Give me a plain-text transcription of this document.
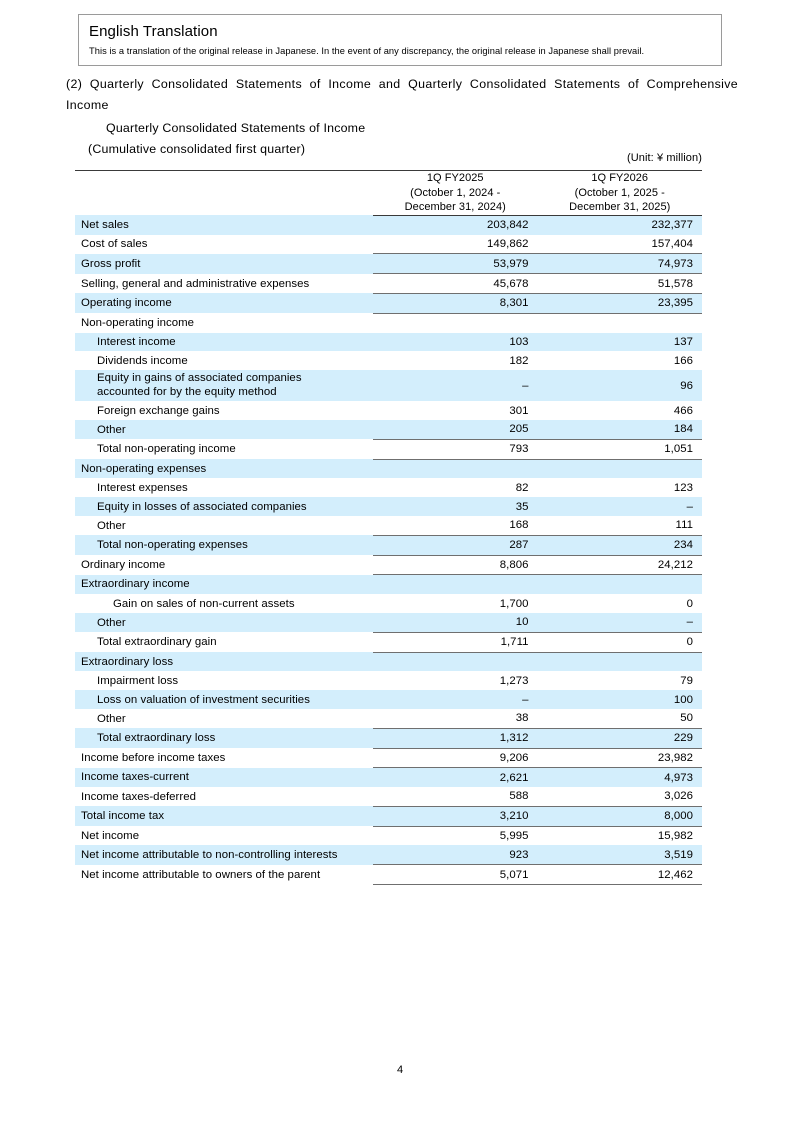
English Translation
This is a translation of the original release in Japanese. In the event of any discrepancy, the original release in Japanese shall prevail.
(2) Quarterly Consolidated Statements of Income and Quarterly Consolidated Statements of Comprehensive Income
Quarterly Consolidated Statements of Income
(Cumulative consolidated first quarter)
(Unit: ¥ million)

1Q FY2025
(October 1, 2024 -
December 31, 2024)

1Q FY2026
(October 1, 2025 -
December 31, 2025)

Net sales	203,842	232,377
Cost of sales	149,862	157,404
Gross profit	53,979	74,973
Selling, general and administrative expenses	45,678	51,578
Operating income	8,301	23,395
Non-operating income		
Interest income	103	137
Dividends income	182	166

Equity in gains of associated companies
accounted for by the equity method	–	96
Foreign exchange gains	301	466
Other	205	184
Total non-operating income	793	1,051
Non-operating expenses		
Interest expenses	82	123
Equity in losses of associated companies	35	–
Other	168	111
Total non-operating expenses	287	234
Ordinary income	8,806	24,212
Extraordinary income		
Gain on sales of non-current assets	1,700	0
Other	10	–
Total extraordinary gain	1,711	0
Extraordinary loss		
Impairment loss	1,273	79
Loss on valuation of investment securities	–	100
Other	38	50
Total extraordinary loss	1,312	229
Income before income taxes	9,206	23,982
Income taxes-current	2,621	4,973
Income taxes-deferred	588	3,026
Total income tax	3,210	8,000
Net income	5,995	15,982
Net income attributable to non-controlling interests	923	3,519
Net income attributable to owners of the parent	5,071	12,462
4
